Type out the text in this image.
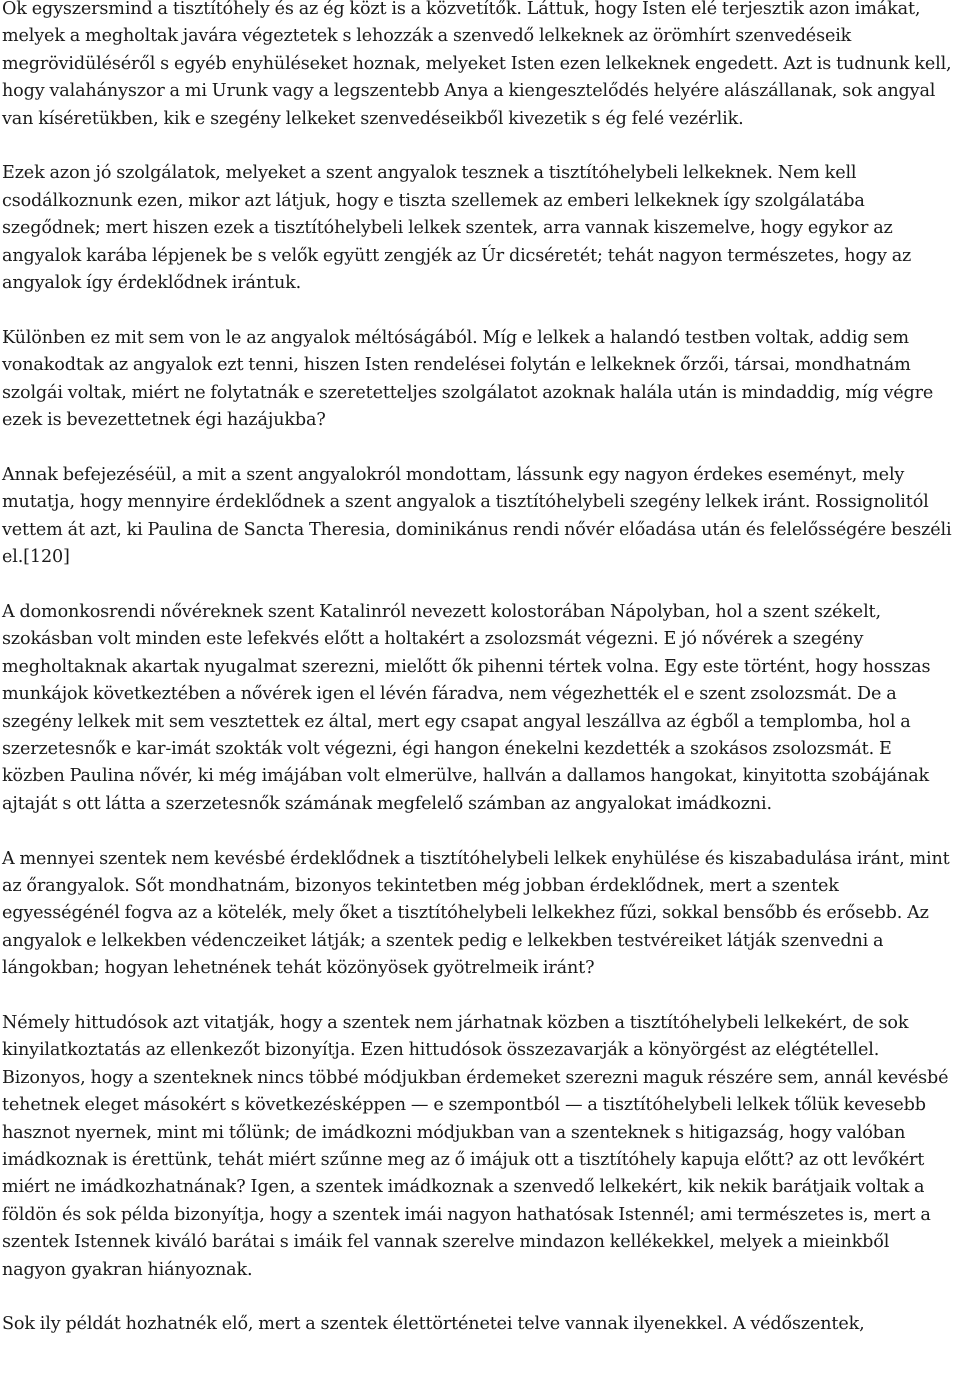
Ők egyszersmind a tisztítóhely és az ég közt is a közvetítők. Láttuk, hogy Isten elé terjesztik azon imákat, melyek a megholtak javára végeztetek s lehozzák a szenvedő lelkeknek az örömhírt szenvedéseik megrövidüléséről s egyéb enyhüléseket hoznak, melyeket Isten ezen lelkeknek engedett. Azt is tudnunk kell, hogy valahányszor a mi Urunk vagy a legszentebb Anya a kiengesztelődés helyére alászállanak, sok angyal van kíséretükben, kik e szegény lelkeket szenvedéseikből kivezetik s ég felé vezérlik.

Ezek azon jó szolgálatok, melyeket a szent angyalok tesznek a tisztítóhelybeli lelkeknek. Nem kell csodálkoznunk ezen, mikor azt látjuk, hogy e tiszta szellemek az emberi lelkeknek így szolgálatába szegődnek; mert hiszen ezek a tisztítóhelybeli lelkek szentek, arra vannak kiszemelve, hogy egykor az angyalok karába lépjenek be s velők együtt zengjék az Úr dicséretét; tehát nagyon természetes, hogy az angyalok így érdeklődnek irántuk.

Különben ez mit sem von le az angyalok méltóságából. Míg e lelkek a halandó testben voltak, addig sem vonakodtak az angyalok ezt tenni, hiszen Isten rendelései folytán e lelkeknek őrzői, társai, mondhatnám szolgái voltak, miért ne folytatnák e szeretetteljes szolgálatot azoknak halála után is mindaddig, míg végre ezek is bevezettetnek égi hazájukba?

Annak befejezéséül, a mit a szent angyalokról mondottam, lássunk egy nagyon érdekes eseményt, mely mutatja, hogy mennyire érdeklődnek a szent angyalok a tisztítóhelybeli szegény lelkek iránt. Rossignolitól vettem át azt, ki Paulina de Sancta Theresia, dominikánus rendi nővér előadása után és felelősségére beszéli el.[120]

A domonkosrendi nővéreknek szent Katalinról nevezett kolostorában Nápolyban, hol a szent székelt, szokásban volt minden este lefekvés előtt a holtakért a zsolozsmát végezni. E jó nővérek a szegény megholtaknak akartak nyugalmat szerezni, mielőtt ők pihenni tértek volna. Egy este történt, hogy hosszas munkájok következtében a nővérek igen el lévén fáradva, nem végezhették el e szent zsolozsmát. De a szegény lelkek mit sem vesztettek ez által, mert egy csapat angyal leszállva az égből a templomba, hol a szerzetesnők e kar-imát szokták volt végezni, égi hangon énekelni kezdették a szokásos zsolozsmát. E közben Paulina nővér, ki még imájában volt elmerülve, hallván a dallamos hangokat, kinyitotta szobájának ajtaját s ott látta a szerzetesnők számának megfelelő számban az angyalokat imádkozni.

A mennyei szentek nem kevésbé érdeklődnek a tisztítóhelybeli lelkek enyhülése és kiszabadulása iránt, mint az őrangyalok. Sőt mondhatnám, bizonyos tekintetben még jobban érdeklődnek, mert a szentek egyességénél fogva az a kötelék, mely őket a tisztítóhelybeli lelkekhez fűzi, sokkal bensőbb és erősebb. Az angyalok e lelkekben védenczeiket látják; a szentek pedig e lelkekben testvéreiket látják szenvedni a lángokban; hogyan lehetnének tehát közönyösek gyötrelmeik iránt?

Némely hittudósok azt vitatják, hogy a szentek nem járhatnak közben a tisztítóhelybeli lelkekért, de sok kinyilatkoztatás az ellenkezőt bizonyítja. Ezen hittudósok összezavarják a könyörgést az elégtétellel. Bizonyos, hogy a szenteknek nincs többé módjukban érdemeket szerezni maguk részére sem, annál kevésbé tehetnek eleget másokért s következésképpen — e szempontból — a tisztítóhelybeli lelkek tőlük kevesebb hasznot nyernek, mint mi tőlünk; de imádkozni módjukban van a szenteknek s hitigazság, hogy valóban imádkoznak is érettünk, tehát miért szűnne meg az ő imájuk ott a tisztítóhely kapuja előtt? az ott levőkért miért ne imádkozhatnának? Igen, a szentek imádkoznak a szenvedő lelkekért, kik nekik barátjaik voltak a földön és sok példa bizonyítja, hogy a szentek imái nagyon hathatósak Istennél; ami természetes is, mert a szentek Istennek kiváló barátai s imáik fel vannak szerelve mindazon kellékekkel, melyek a mieinkből nagyon gyakran hiányoznak.

Sok ily példát hozhatnék elő, mert a szentek élettörténetei telve vannak ilyenekkel. A védőszentek,
